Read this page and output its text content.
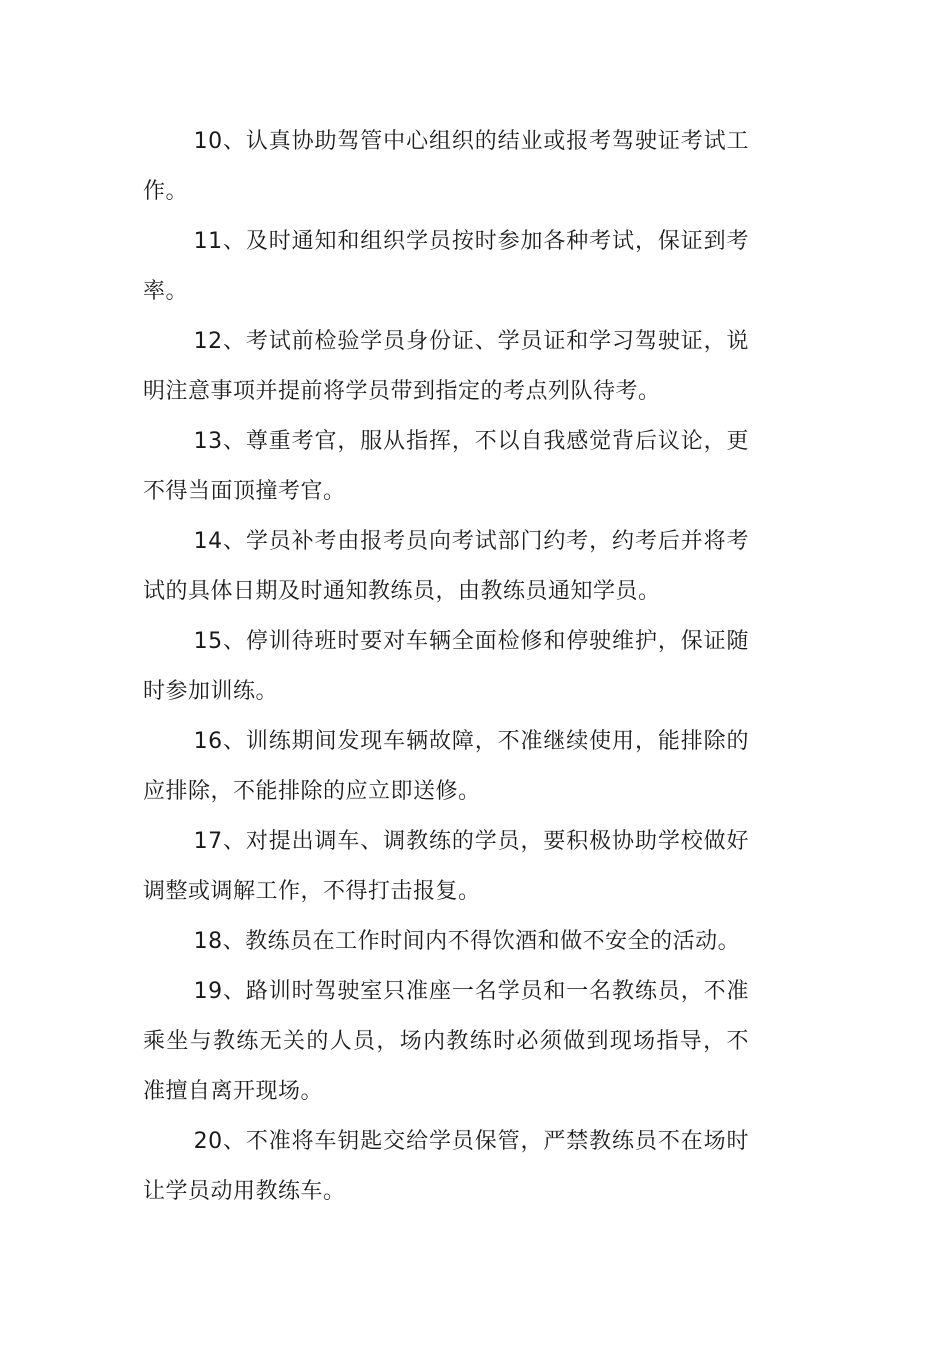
10、认真协助驾管中心组织的结业或报考驾驶证考试工作。

11、及时通知和组织学员按时参加各种考试，保证到考率。

12、考试前检验学员身份证、学员证和学习驾驶证，说明注意事项并提前将学员带到指定的考点列队待考。

13、尊重考官，服从指挥，不以自我感觉背后议论，更不得当面顶撞考官。

14、学员补考由报考员向考试部门约考，约考后并将考试的具体日期及时通知教练员，由教练员通知学员。

15、停训待班时要对车辆全面检修和停驶维护，保证随时参加训练。

16、训练期间发现车辆故障，不准继续使用，能排除的应排除，不能排除的应立即送修。

17、对提出调车、调教练的学员，要积极协助学校做好调整或调解工作，不得打击报复。

18、教练员在工作时间内不得饮酒和做不安全的活动。

19、路训时驾驶室只准座一名学员和一名教练员，不准乘坐与教练无关的人员，场内教练时必须做到现场指导，不准擅自离开现场。

20、不准将车钥匙交给学员保管，严禁教练员不在场时让学员动用教练车。
